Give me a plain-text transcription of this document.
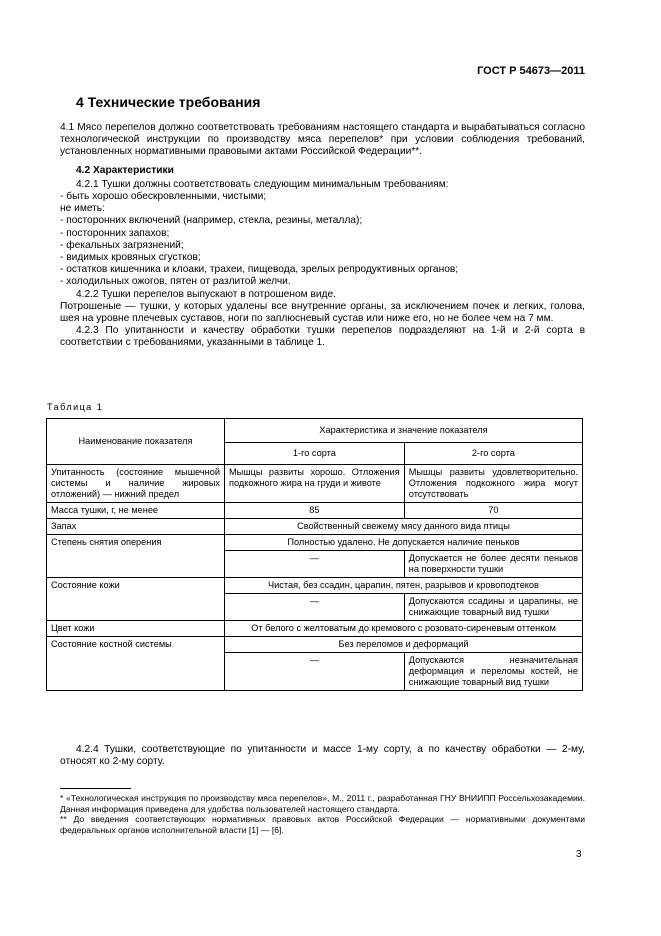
ГОСТ Р 54673—2011
4 Технические требования

4.1 Мясо перепелов должно соответствовать требованиям настоящего стандарта и вырабатываться согласно технологической инструкции по производству мяса перепелов* при условии соблюдения требований, установленных нормативными правовыми актами Российской Федерации**.

4.2 Характеристики

4.2.1 Тушки должны соответствовать следующим минимальным требованиям:

- быть хорошо обескровленными, чистыми;

не иметь:

- посторонних включений (например, стекла, резины, металла);

- посторонних запахов;

- фекальных загрязнений;

- видимых кровяных сгустков;

- остатков кишечника и клоаки, трахеи, пищевода, зрелых репродуктивных органов;

- холодильных ожогов, пятен от разлитой желчи.

4.2.2 Тушки перепелов выпускают в потрошеном виде.

Потрошеные — тушки, у которых удалены все внутренние органы, за исключением почек и легких, голова, шея на уровне плечевых суставов, ноги по заплюсневый сустав или ниже его, но не более чем на 7 мм.

4.2.3 По упитанности и качеству обработки тушки перепелов подразделяют на 1-й и 2-й сорта в соответствии с требованиями, указанными в таблице 1.

Таблица 1
Наименование показателя	Характеристика и значение показателя	
	1-го сорта	2-го сорта
Упитанность (состояние мышечной системы и наличие жировых отложений) — нижний предел	Мышцы развиты хорошо. Отложения подкожного жира на груди и животе	Мышцы развиты удовлетворительно. Отложения подкожного жира могут отсутствовать
Масса тушки, г, не менее	85	70
Запах	Свойственный свежему мясу данного вида птицы	
Степень снятия оперения	Полностью удалено. Не допускается наличие пеньков	
	—	Допускается не более десяти пеньков на поверхности тушки
Состояние кожи	Чистая, без ссадин, царапин, пятен, разрывов и кровоподтеков	
	—	Допускаются ссадины и царапины, не снижающие товарный вид тушки
Цвет кожи	От белого с желтоватым до кремового с розовато-сиреневым оттенком	
Состояние костной системы	Без переломов и деформаций	
	—	Допускаются незначительная деформация и переломы костей, не снижающие товарный вид тушки

4.2.4 Тушки, соответствующие по упитанности и массе 1-му сорту, а по качеству обработки — 2-му, относят ко 2-му сорту.

* «Технологическая инструкция по производству мяса перепелов», М., 2011 г., разработанная ГНУ ВНИИПП Россельхозакадемии. Данная информация приведена для удобства пользователей настоящего стандарта.

** До введения соответствующих нормативных правовых актов Российской Федерации — нормативными документами федеральных органов исполнительной власти [1] — [6].

3
